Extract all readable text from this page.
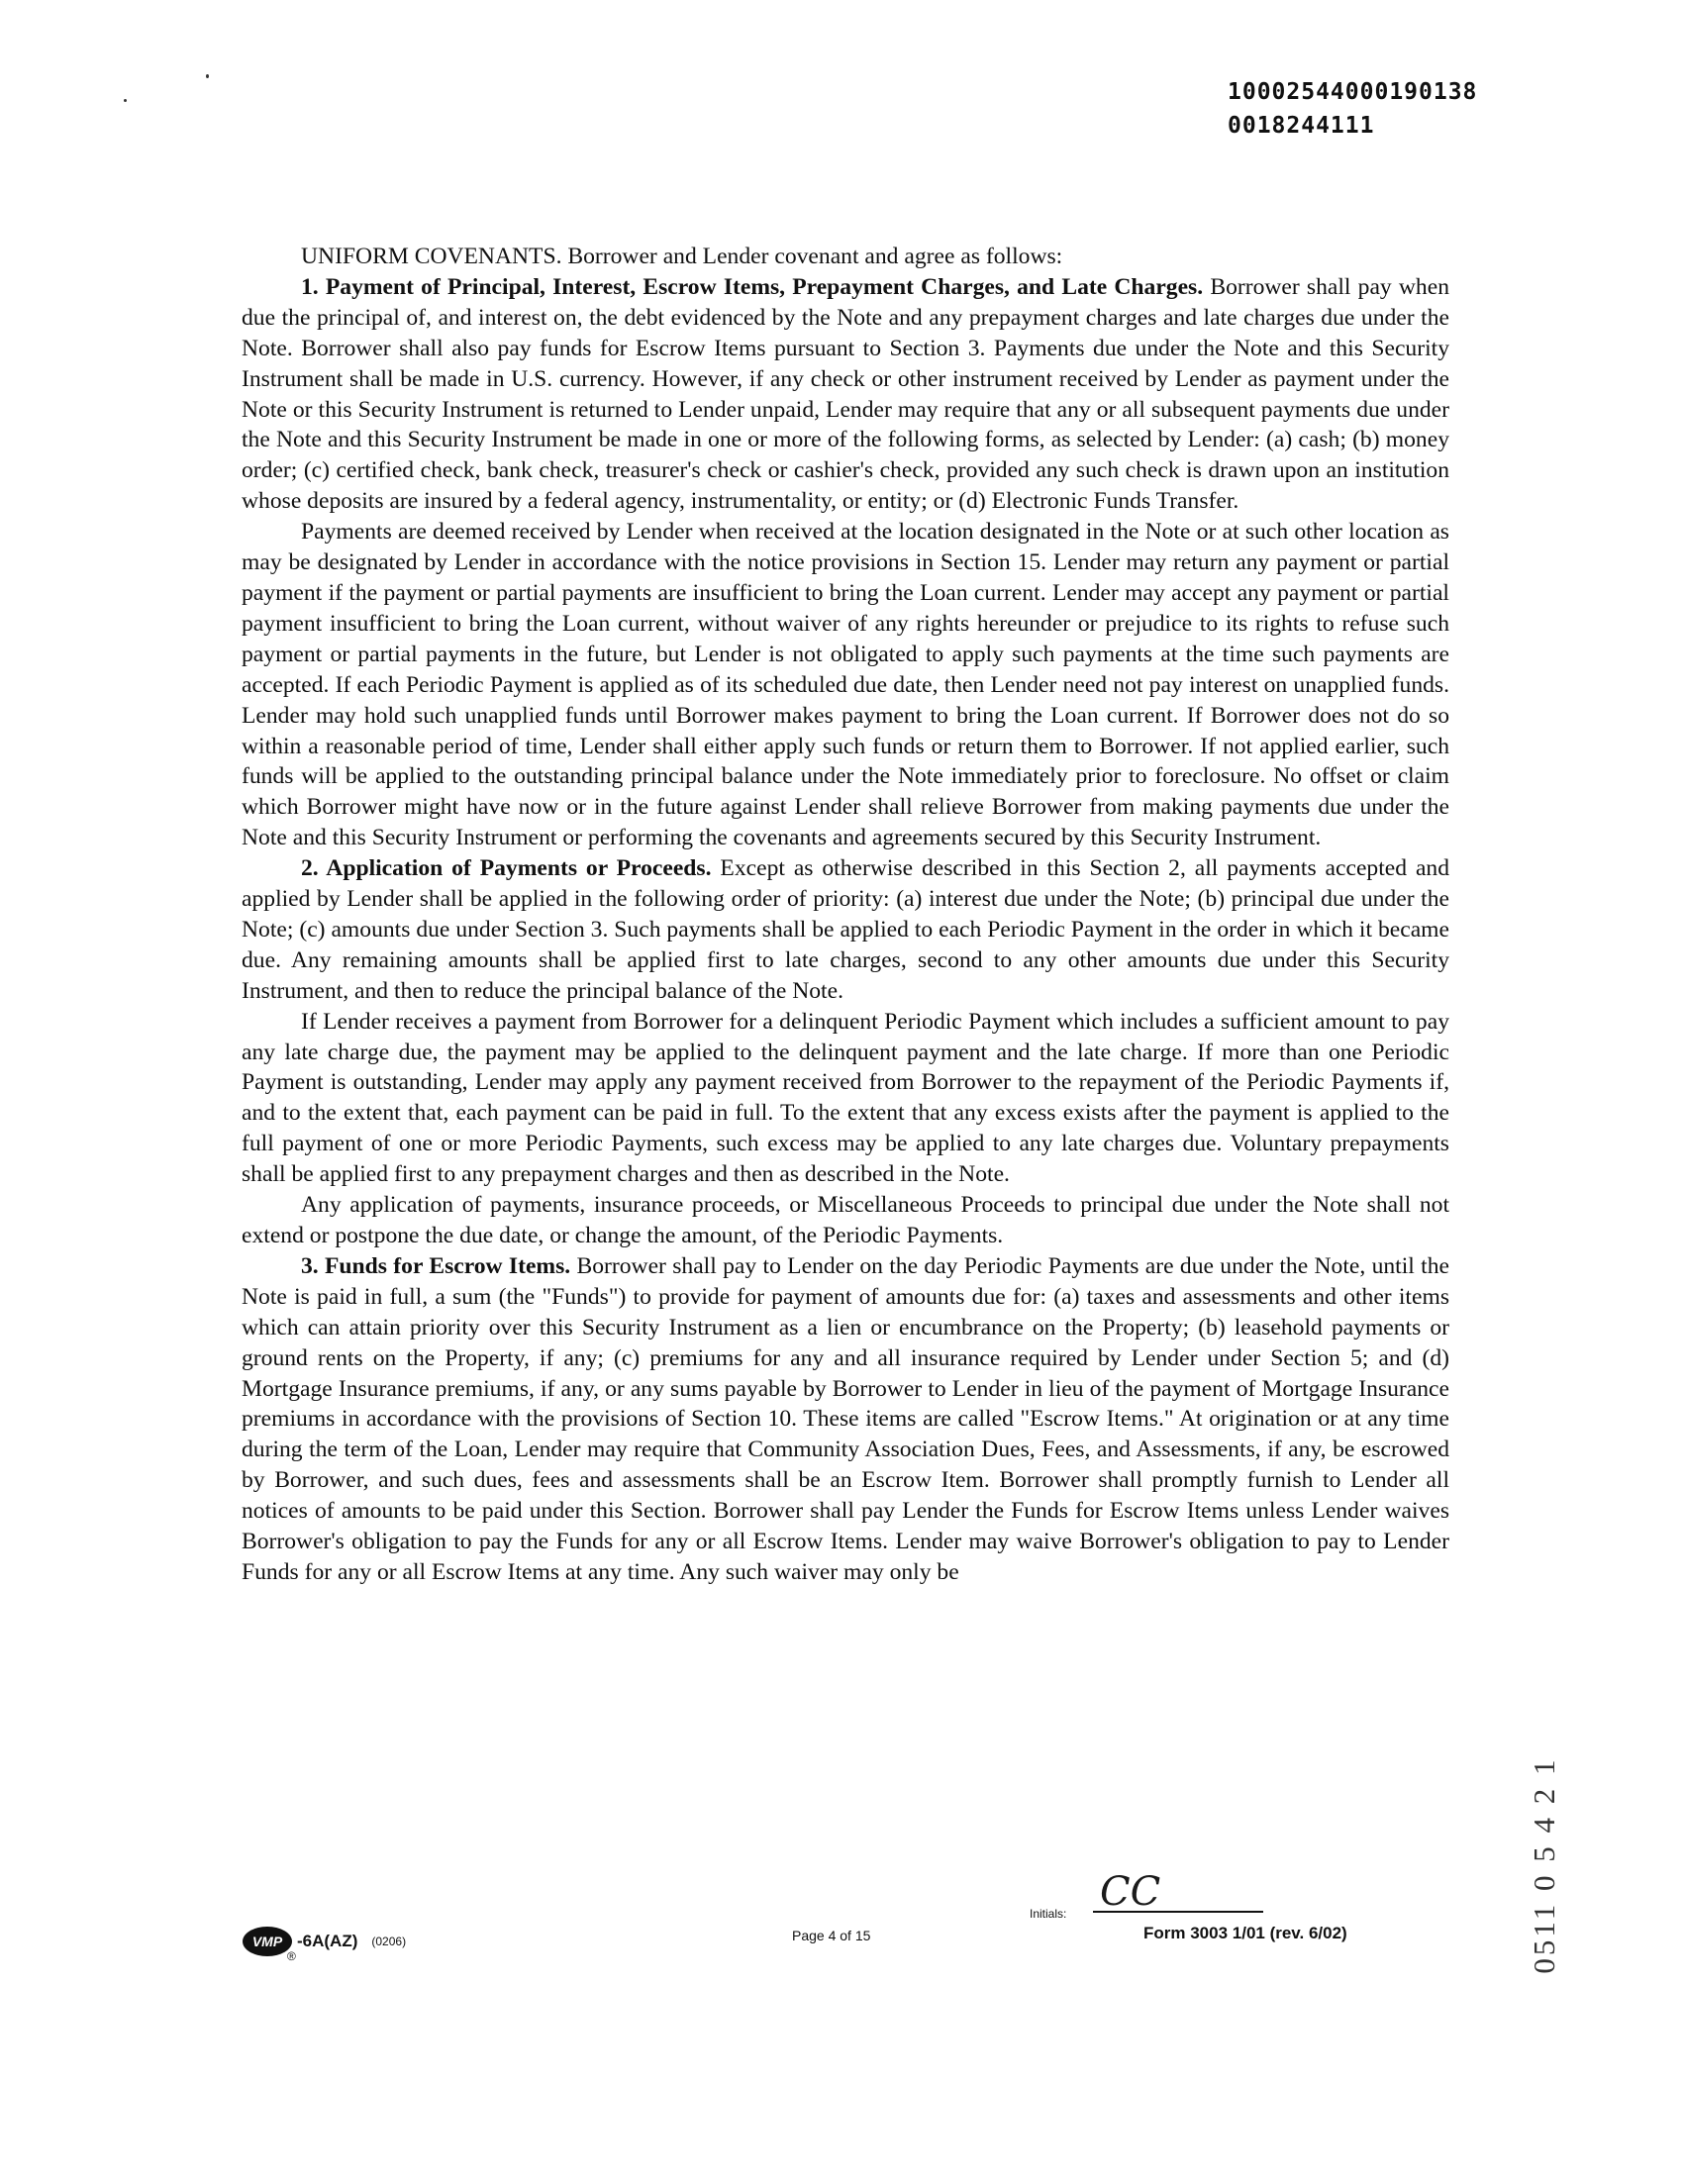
10002544000190138
0018244111

UNIFORM COVENANTS. Borrower and Lender covenant and agree as follows:

1. Payment of Principal, Interest, Escrow Items, Prepayment Charges, and Late Charges. Borrower shall pay when due the principal of, and interest on, the debt evidenced by the Note and any prepayment charges and late charges due under the Note. Borrower shall also pay funds for Escrow Items pursuant to Section 3. Payments due under the Note and this Security Instrument shall be made in U.S. currency. However, if any check or other instrument received by Lender as payment under the Note or this Security Instrument is returned to Lender unpaid, Lender may require that any or all subsequent payments due under the Note and this Security Instrument be made in one or more of the following forms, as selected by Lender: (a) cash; (b) money order; (c) certified check, bank check, treasurer's check or cashier's check, provided any such check is drawn upon an institution whose deposits are insured by a federal agency, instrumentality, or entity; or (d) Electronic Funds Transfer.

Payments are deemed received by Lender when received at the location designated in the Note or at such other location as may be designated by Lender in accordance with the notice provisions in Section 15. Lender may return any payment or partial payment if the payment or partial payments are insufficient to bring the Loan current. Lender may accept any payment or partial payment insufficient to bring the Loan current, without waiver of any rights hereunder or prejudice to its rights to refuse such payment or partial payments in the future, but Lender is not obligated to apply such payments at the time such payments are accepted. If each Periodic Payment is applied as of its scheduled due date, then Lender need not pay interest on unapplied funds. Lender may hold such unapplied funds until Borrower makes payment to bring the Loan current. If Borrower does not do so within a reasonable period of time, Lender shall either apply such funds or return them to Borrower. If not applied earlier, such funds will be applied to the outstanding principal balance under the Note immediately prior to foreclosure. No offset or claim which Borrower might have now or in the future against Lender shall relieve Borrower from making payments due under the Note and this Security Instrument or performing the covenants and agreements secured by this Security Instrument.

2. Application of Payments or Proceeds. Except as otherwise described in this Section 2, all payments accepted and applied by Lender shall be applied in the following order of priority: (a) interest due under the Note; (b) principal due under the Note; (c) amounts due under Section 3. Such payments shall be applied to each Periodic Payment in the order in which it became due. Any remaining amounts shall be applied first to late charges, second to any other amounts due under this Security Instrument, and then to reduce the principal balance of the Note.

If Lender receives a payment from Borrower for a delinquent Periodic Payment which includes a sufficient amount to pay any late charge due, the payment may be applied to the delinquent payment and the late charge. If more than one Periodic Payment is outstanding, Lender may apply any payment received from Borrower to the repayment of the Periodic Payments if, and to the extent that, each payment can be paid in full. To the extent that any excess exists after the payment is applied to the full payment of one or more Periodic Payments, such excess may be applied to any late charges due. Voluntary prepayments shall be applied first to any prepayment charges and then as described in the Note.

Any application of payments, insurance proceeds, or Miscellaneous Proceeds to principal due under the Note shall not extend or postpone the due date, or change the amount, of the Periodic Payments.

3. Funds for Escrow Items. Borrower shall pay to Lender on the day Periodic Payments are due under the Note, until the Note is paid in full, a sum (the "Funds") to provide for payment of amounts due for: (a) taxes and assessments and other items which can attain priority over this Security Instrument as a lien or encumbrance on the Property; (b) leasehold payments or ground rents on the Property, if any; (c) premiums for any and all insurance required by Lender under Section 5; and (d) Mortgage Insurance premiums, if any, or any sums payable by Borrower to Lender in lieu of the payment of Mortgage Insurance premiums in accordance with the provisions of Section 10. These items are called "Escrow Items." At origination or at any time during the term of the Loan, Lender may require that Community Association Dues, Fees, and Assessments, if any, be escrowed by Borrower, and such dues, fees and assessments shall be an Escrow Item. Borrower shall promptly furnish to Lender all notices of amounts to be paid under this Section. Borrower shall pay Lender the Funds for Escrow Items unless Lender waives Borrower's obligation to pay the Funds for any or all Escrow Items. Lender may waive Borrower's obligation to pay to Lender Funds for any or all Escrow Items at any time. Any such waiver may only be

0511 0 5 4 2 1
VMP -6A(AZ) (0206)
®
Page 4 of 15
Initials: CC
Form 3003 1/01 (rev. 6/02)
